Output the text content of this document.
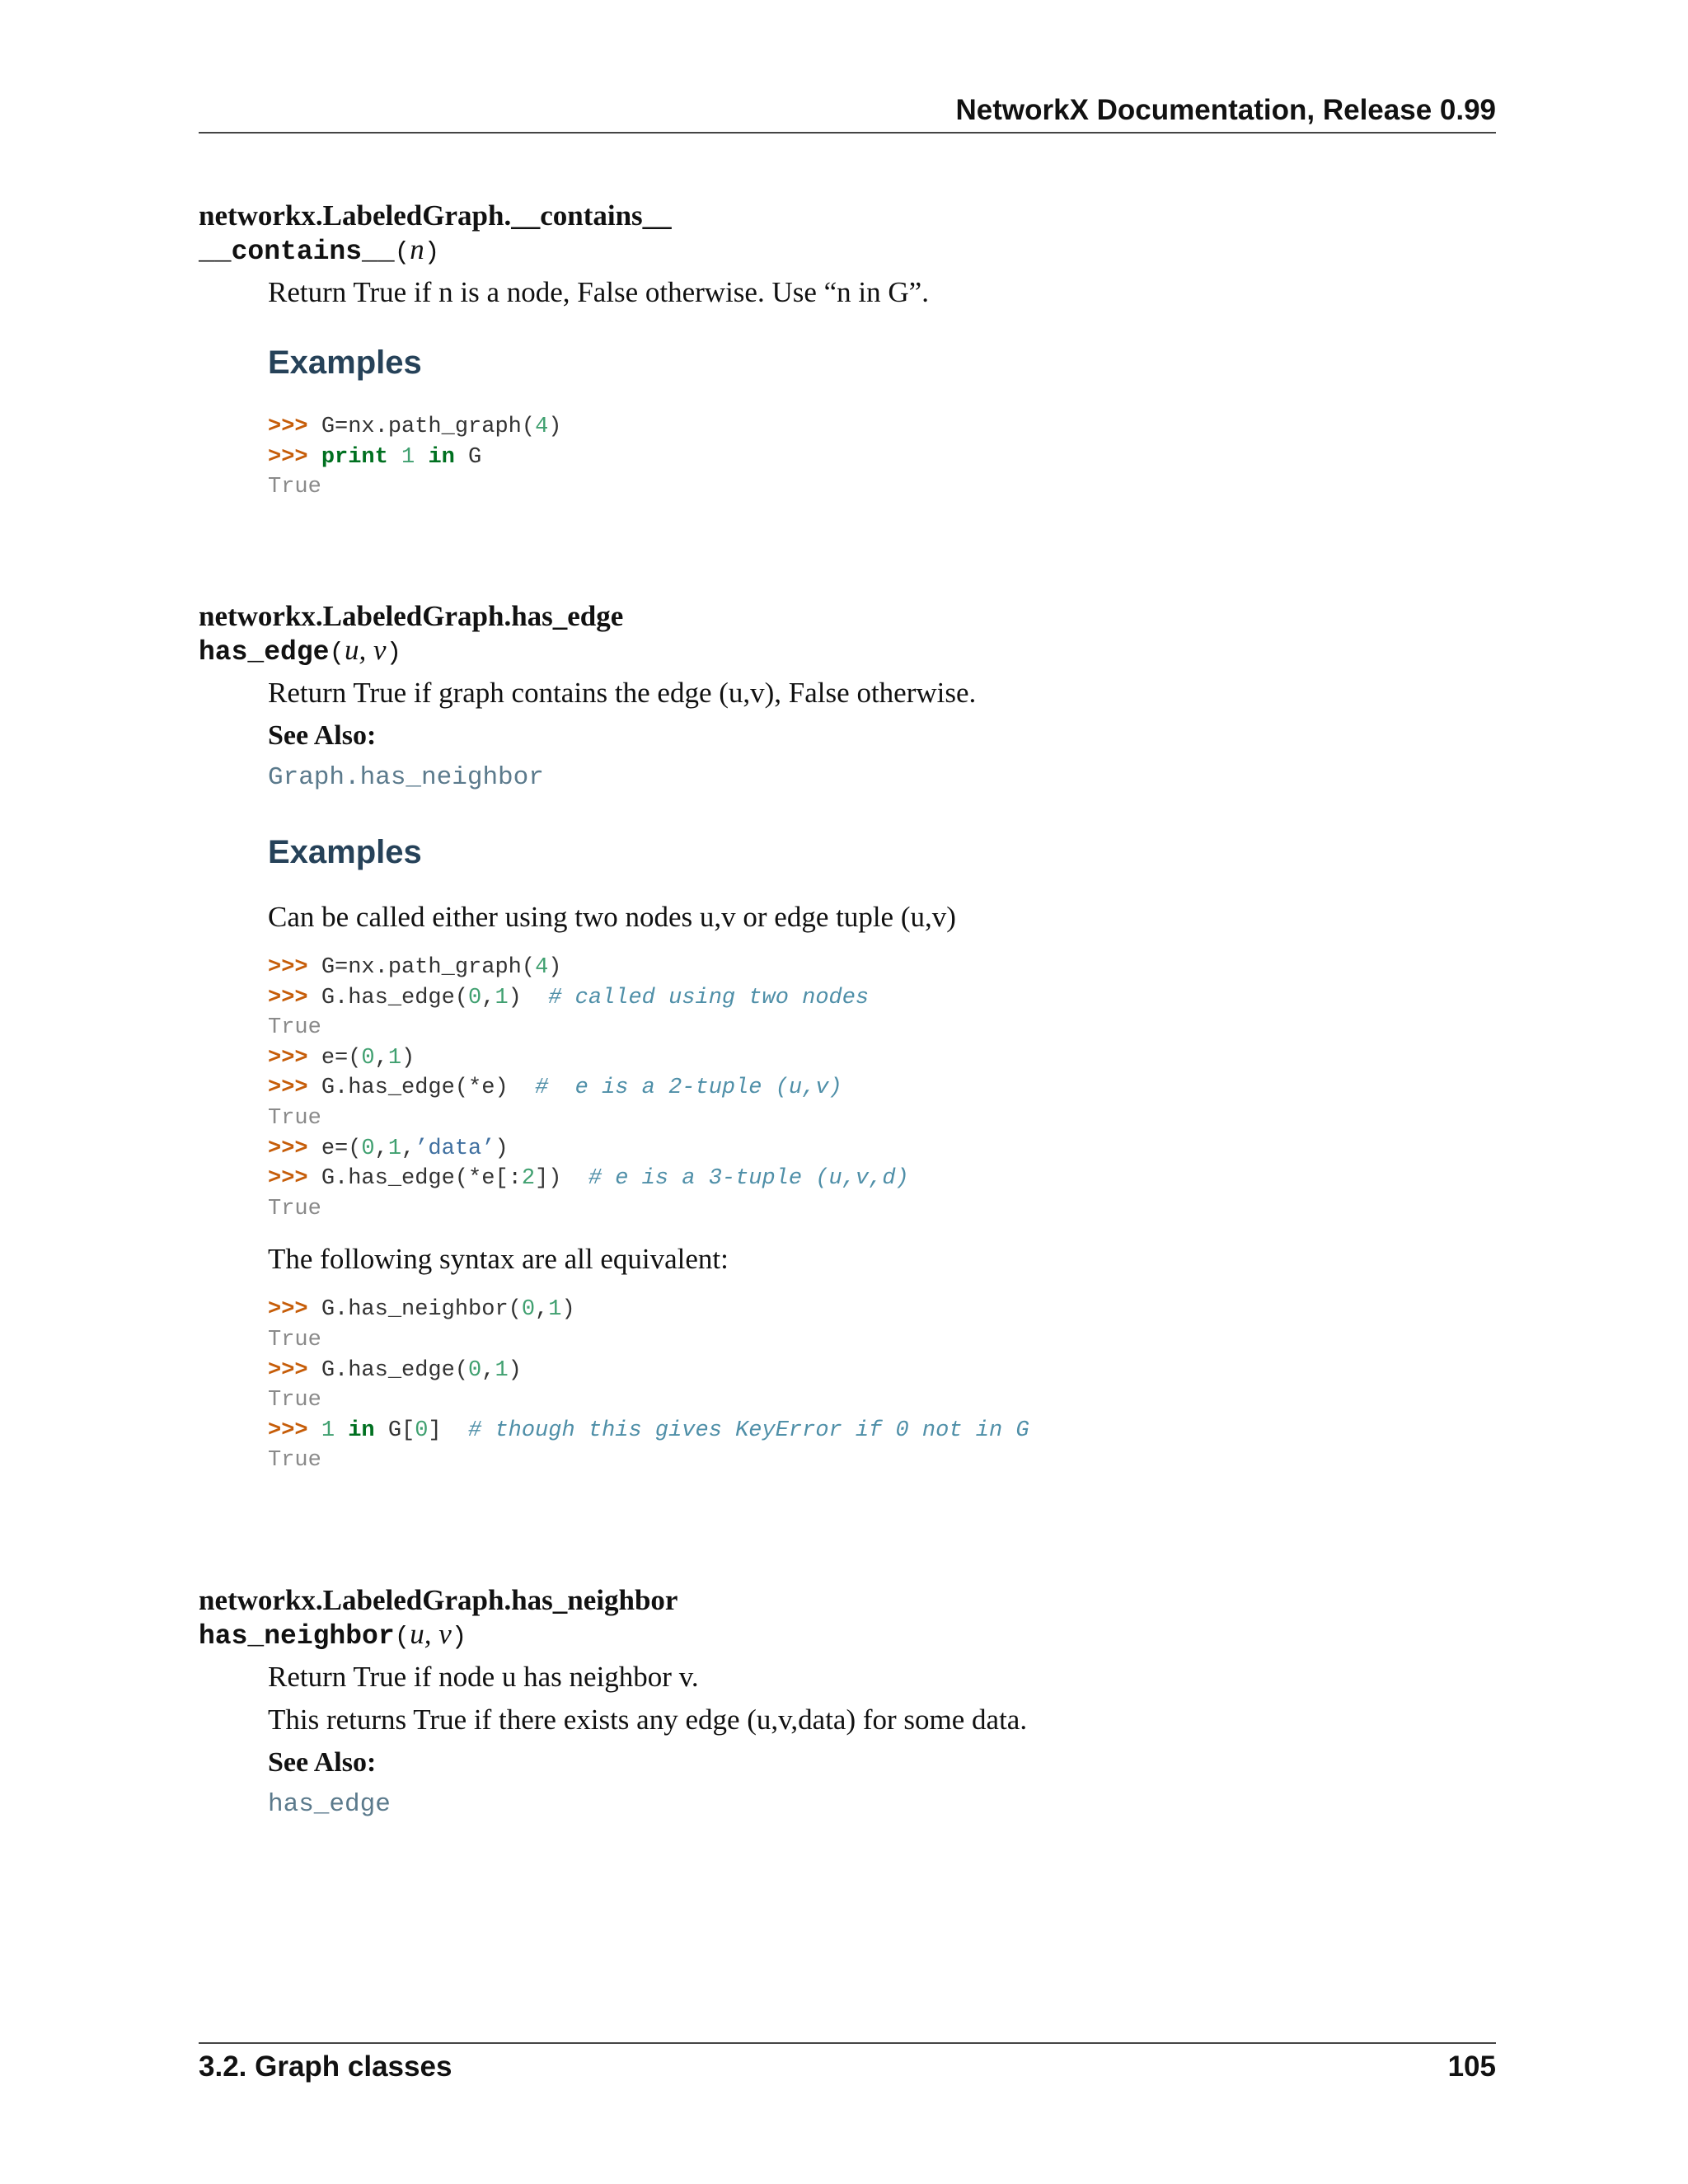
NetworkX Documentation, Release 0.99
networkx.LabeledGraph.__contains__
__contains__(n)
Return True if n is a node, False otherwise. Use “n in G”.
Examples
>>> G=nx.path_graph(4)
>>> print 1 in G
True
networkx.LabeledGraph.has_edge
has_edge(u, v)
Return True if graph contains the edge (u,v), False otherwise.
See Also:
Graph.has_neighbor
Examples
Can be called either using two nodes u,v or edge tuple (u,v)
>>> G=nx.path_graph(4)
>>> G.has_edge(0,1)  # called using two nodes
True
>>> e=(0,1)
>>> G.has_edge(*e)  #  e is a 2-tuple (u,v)
True
>>> e=(0,1,’data’)
>>> G.has_edge(*e[:2])  # e is a 3-tuple (u,v,d)
True
The following syntax are all equivalent:
>>> G.has_neighbor(0,1)
True
>>> G.has_edge(0,1)
True
>>> 1 in G[0]  # though this gives KeyError if 0 not in G
True
networkx.LabeledGraph.has_neighbor
has_neighbor(u, v)
Return True if node u has neighbor v.
This returns True if there exists any edge (u,v,data) for some data.
See Also:
has_edge
3.2. Graph classes	105
